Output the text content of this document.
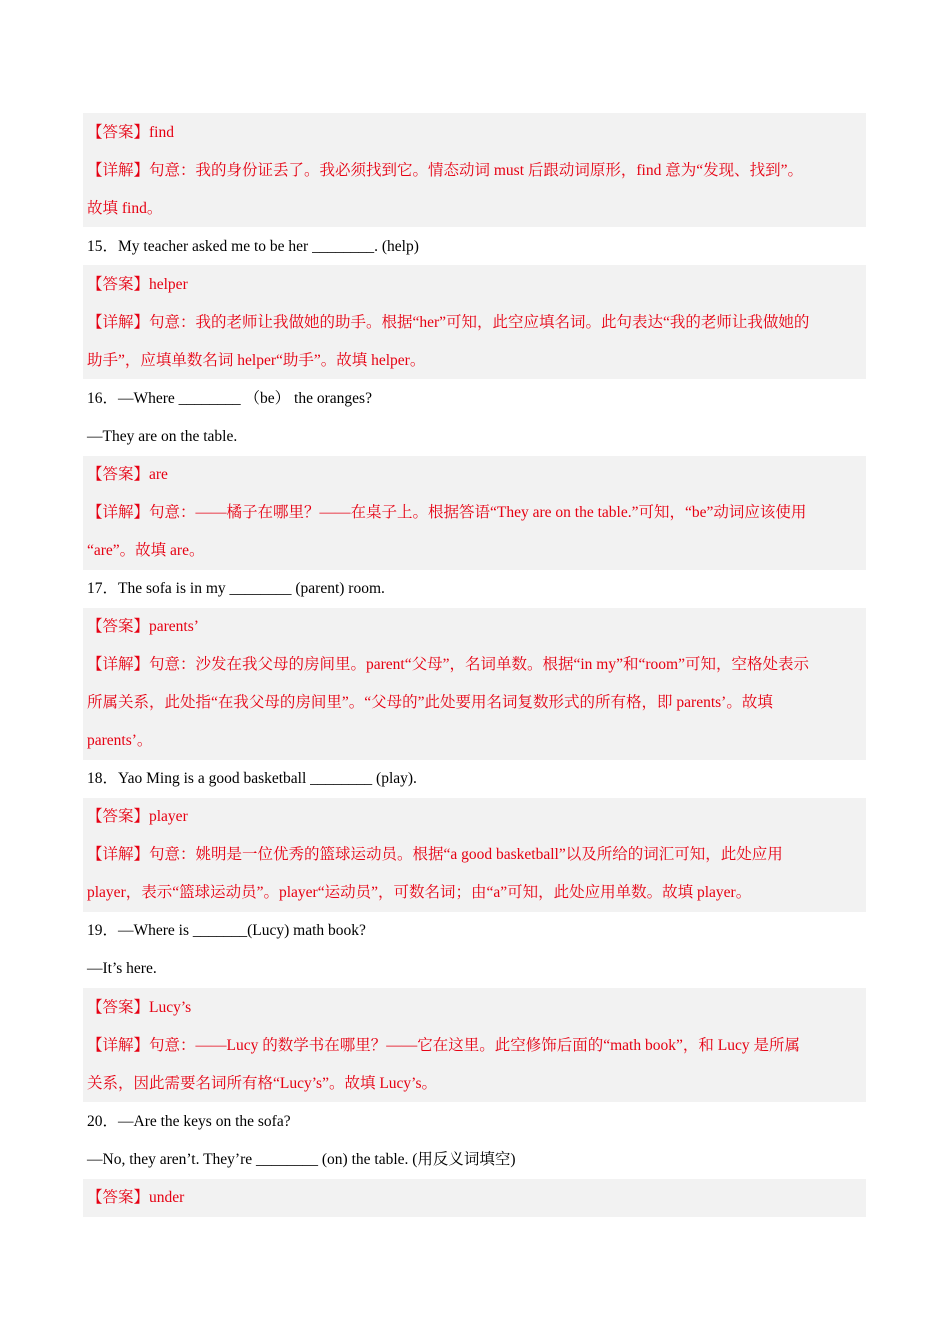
【答案】find
【详解】句意：我的身份证丢了。我必须找到它。情态动词 must 后跟动词原形，find 意为“发现、找到”。
故填 find。
15．My teacher asked me to be her ________. (help)
【答案】helper
【详解】句意：我的老师让我做她的助手。根据“her”可知，此空应填名词。此句表达“我的老师让我做她的
助手”，应填单数名词 helper“助手”。故填 helper。
16．—Where ________ （be） the oranges?
—They are on the table.
【答案】are
【详解】句意：——橘子在哪里？——在桌子上。根据答语“They are on the table.”可知，“be”动词应该使用
“are”。故填 are。
17．The sofa is in my ________ (parent) room.
【答案】parents’
【详解】句意：沙发在我父母的房间里。parent“父母”，名词单数。根据“in my”和“room”可知，空格处表示
所属关系，此处指“在我父母的房间里”。“父母的”此处要用名词复数形式的所有格，即 parents’。故填
parents’。
18．Yao Ming is a good basketball ________ (play).
【答案】player
【详解】句意：姚明是一位优秀的篮球运动员。根据“a good basketball”以及所给的词汇可知，此处应用
player，表示“篮球运动员”。player“运动员”，可数名词；由“a”可知，此处应用单数。故填 player。
19．—Where is _______(Lucy) math book?
—It’s here.
【答案】Lucy’s
【详解】句意：——Lucy 的数学书在哪里？——它在这里。此空修饰后面的“math book”，和 Lucy 是所属
关系，因此需要名词所有格“Lucy’s”。故填 Lucy’s。
20．—Are the keys on the sofa?
—No, they aren’t. They’re ________ (on) the table. (用反义词填空)
【答案】under
